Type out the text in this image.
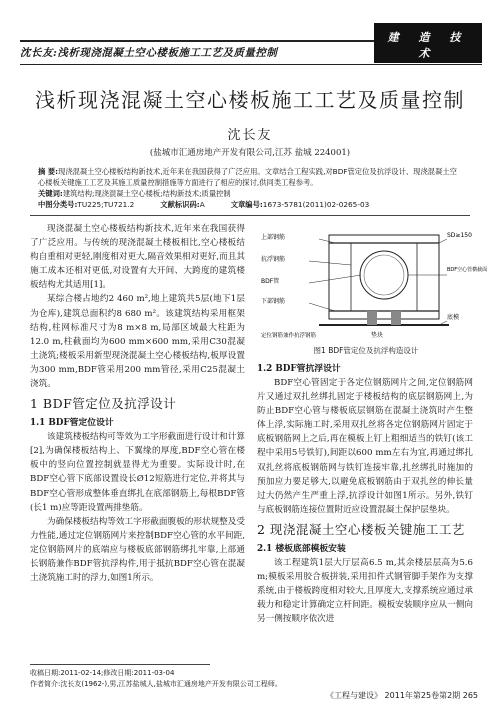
沈长友:浅析现浇混凝土空心楼板施工工艺及质量控制
建 造 技 术
JIANZHAOJISHU
浅析现浇混凝土空心楼板施工工艺及质量控制
沈长友
(盐城市汇通房地产开发有限公司,江苏 盐城 224001)

摘 要:现浇混凝土空心楼板结构新技术,近年来在我国获得了广泛应用。文章结合工程实践,对BDF管定位及抗浮设计、现浇混凝土空心楼板关键施工工艺及其施工质量控制措施等方面进行了相应的探讨,供同类工程参考。

关键词:建筑结构;现浇混凝土空心楼板;结构新技术;质量控制

中图分类号:TU225;TU721.2	文献标识码:A	文章编号:1673-5781(2011)02-0265-03

现浇混凝土空心楼板结构新技术,近年来在我国获得了广泛应用。与传统的现浇混凝土楼板相比,空心楼板结构自重相对更轻,刚度相对更大,隔音效果相对更好,而且其施工成本还相对更低,对设置有大开间、大跨度的建筑楼板结构尤其适用[1]。

某综合楼占地约2 460 m²,地上建筑共5层(地下1层为仓库),建筑总面积约8 680 m²。该建筑结构采用框架结构,柱网标准尺寸为8 m×8 m,局部区域最大柱距为12.0 m,柱截面均为600 mm×600 mm,采用C30混凝土浇筑;楼板采用新型现浇混凝土空心楼板结构,板厚设置为300 mm,BDF管采用200 mm管径,采用C25混凝土浇筑。

1 BDF管定位及抗浮设计
1.1 BDF管定位设计

该建筑楼板结构可等效为工字形截面进行设计和计算[2],为确保楼板结构上、下翼缘的厚度,BDF空心管在楼板中的竖向位置控制就显得尤为重要。实际设计时,在BDF空心管下底部设置设长Ø12短筋进行定位,并将其与BDF空心管形成整体垂直绑扎在底部钢筋上,每根BDF管(长1 m)应等距设置两排垫筋。

为确保楼板结构等效工字形截面腹板的形状规整及受力性能,通过定位钢筋网片来控制BDF空心管的水平间距,定位钢筋网片的底端应与楼板底部钢筋绑扎牢靠,上部通长钢筋兼作BDF管抗浮构件,用于抵抗BDF空心管在混凝土浇筑施工时的浮力,如图1所示。

上部钢筋
抗浮钢筋
BDF管
下部钢筋
SD≥150
BDF空心管横截面
定位钢筋兼作抗浮钢筋	垫块
底模
图1 BDF管定位及抗浮构造设计
1.2 BDF管抗浮设计

BDF空心管固定于各定位钢筋网片之间,定位钢筋网片又通过双扎丝绑扎固定于楼板结构的底层钢筋网上,为防止BDF空心管与楼板底层钢筋在混凝土浇筑时产生整体上浮,实际施工时,采用双扎丝将各定位钢筋网片固定于底板钢筋网上之后,再在模板上钉上粗细适当的铁钉(该工程中采用5号铁钉),间距以600 mm左右为宜,再通过绑扎双扎丝将底板钢筋网与铁钉连接牢靠,扎丝绑扎时施加的预加应力要足够大,以避免底板钢筋由于双扎丝的伸长量过大仍然产生严重上浮,抗浮设计如图1所示。另外,铁钉与底板钢筋连接位置附近应设置混凝土保护层垫块。

2 现浇混凝土空心楼板关键施工工艺
2.1 楼板底部模板安装

该工程建筑1层大厅层高6.5 m,其余楼层层高为5.6 m;模板采用胶合板拼装,采用扣件式钢管脚手架作为支撑系统,由于楼板跨度相对较大,且厚度大,支撑系统应通过承载力和稳定计算确定立杆间距。模板安装顺序应从一侧向另一侧按顺序依次进

收稿日期:2011-02-14;修改日期:2011-03-04
作者简介:沈长友(1962-),男,江苏盐城人,盐城市汇通房地产开发有限公司工程师。
《工程与建设》 2011年第25卷第2期 265
